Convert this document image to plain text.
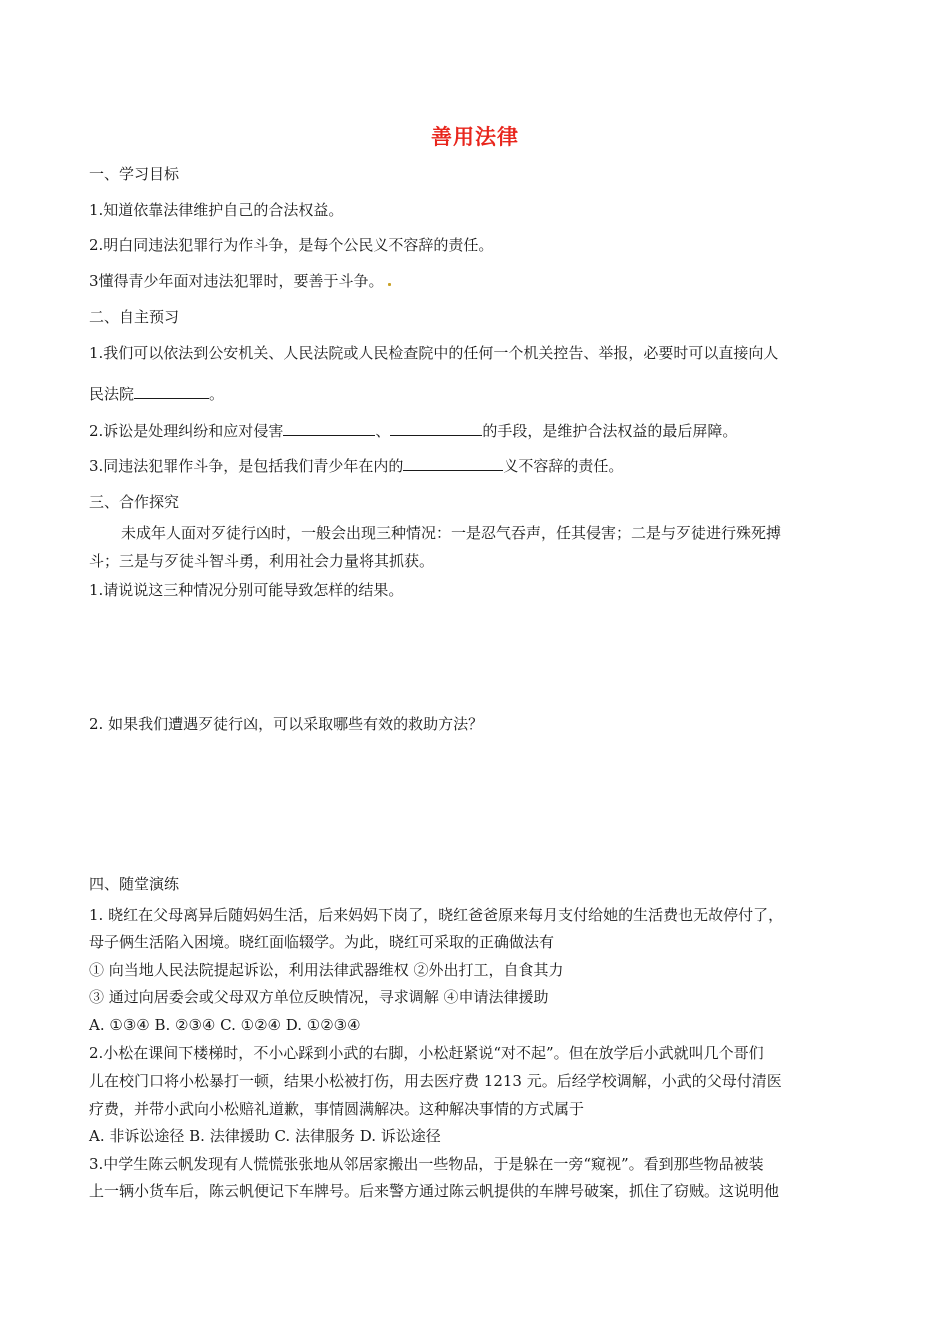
善用法律
一、学习目标
1.知道依靠法律维护自己的合法权益。
2.明白同违法犯罪行为作斗争，是每个公民义不容辞的责任。
3懂得青少年面对违法犯罪时，要善于斗争。
二、自主预习
1.我们可以依法到公安机关、人民法院或人民检查院中的任何一个机关控告、举报，必要时可以直接向人
民法院	。
2.诉讼是处理纠纷和应对侵害	、	的手段，是维护合法权益的最后屏障。
3.同违法犯罪作斗争，是包括我们青少年在内的	义不容辞的责任。
三、合作探究
未成年人面对歹徒行凶时，一般会出现三种情况：一是忍气吞声，任其侵害；二是与歹徒进行殊死搏
斗；三是与歹徒斗智斗勇，利用社会力量将其抓获。
1.请说说这三种情况分别可能导致怎样的结果。
2. 如果我们遭遇歹徒行凶，可以采取哪些有效的救助方法？
四、随堂演练
1. 晓红在父母离异后随妈妈生活，后来妈妈下岗了，晓红爸爸原来每月支付给她的生活费也无故停付了，
母子俩生活陷入困境。晓红面临辍学。为此，晓红可采取的正确做法有
① 向当地人民法院提起诉讼，利用法律武器维权 ②外出打工，自食其力
③ 通过向居委会或父母双方单位反映情况，寻求调解 ④申请法律援助
A. ①③④ B. ②③④ C. ①②④ D. ①②③④
2.小松在课间下楼梯时，不小心踩到小武的右脚，小松赶紧说“对不起”。但在放学后小武就叫几个哥们
儿在校门口将小松暴打一顿，结果小松被打伤，用去医疗费 1213 元。后经学校调解，小武的父母付清医
疗费，并带小武向小松赔礼道歉，事情圆满解决。这种解决事情的方式属于
A. 非诉讼途径 B. 法律援助 C. 法律服务 D. 诉讼途径
3.中学生陈云帆发现有人慌慌张张地从邻居家搬出一些物品，于是躲在一旁“窥视”。看到那些物品被装
上一辆小货车后，陈云帆便记下车牌号。后来警方通过陈云帆提供的车牌号破案，抓住了窃贼。这说明他
